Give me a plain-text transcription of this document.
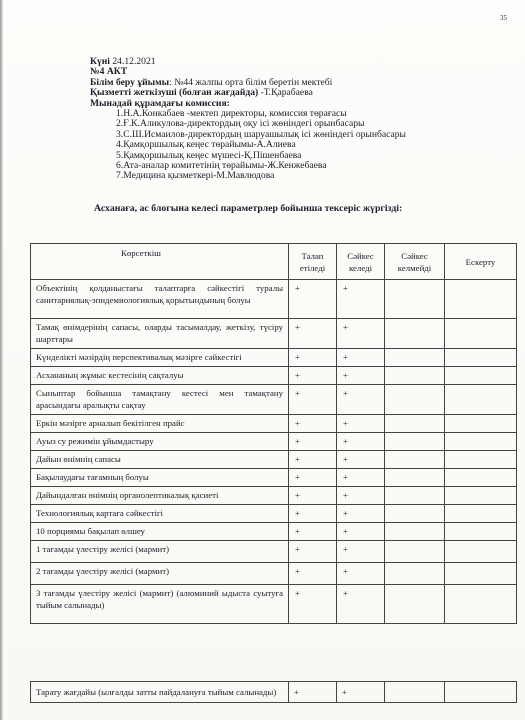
35
Күні 24.12.2021
№4 АКТ
Білім беру ұйымы: №44 жалпы орта білім беретін мектебі
Қызметті жеткізуші (болған жағдайда) -Т.Қарабаева
Мынадай құрамдағы комиссия:
1.Н.А.Конкабаев -мектеп директоры, комиссия төрағасы
2.Ғ.К.Аликулова-директордың оқу ісі жөніндегі орынбасары
3.С.Ш.Исмаилов-директордың шаруашылық ісі жөніндегі орынбасары
4.Қамқоршылық кеңес төрайымы-А.Алиева
5.Қамқоршылық кеңес мүшесі-Қ.Пішенбаева
6.Ата-аналар комитетінің төрайымы-Ж.Кенжебаева
7.Медицина қызметкері-М.Мавлюдова
Асханаға, ас блогына келесі параметрлер бойынша тексеріс жүргізді:
Көрсеткіш	Талап етіледі	Сәйкес келеді	Сәйкес келмейді	Ескерту
Объектінің қолданыстағы талаптарға сәйкестігі туралы санитариялық-эпидемиологиялық қорытындының болуы	+	+		
Тамақ өнімдерінің сапасы, оларды тасымалдау, жеткізу, түсіру шарттары	+	+		
Күнделікті мәзірдің перспективалық мәзірге сәйкестігі	+	+		
Асхананың жұмыс кестесінің сақталуы	+	+		
Сыныптар бойынша тамақтану кестесі мен тамақтану арасындағы аралықты сақтау	+	+		
Еркін мәзірге арналып бекітілген прайс	+	+		
Ауыз су режимін ұйымдастыру	+	+		
Дайын өнімнің сапасы	+	+		
Бақылаудағы тағамның болуы	+	+		
Дайындалған өнімнің органолептикалық қасиеті	+	+		
Технологиялық картаға сәйкестігі	+	+		
10 порциямы бақылап өлшеу	+	+		
1 тағамды үлестіру желісі (мармит)	+	+		
2 тағамды үлестіру желісі (мармит)	+	+		
3 тағамды үлестіру желісі (мармит) (алюминий ыдыста суытуға тыйым салынады)	+	+		
Тарату жағдайы (ылғалды затты пайдалануға тыйым салынады)	+	+		
